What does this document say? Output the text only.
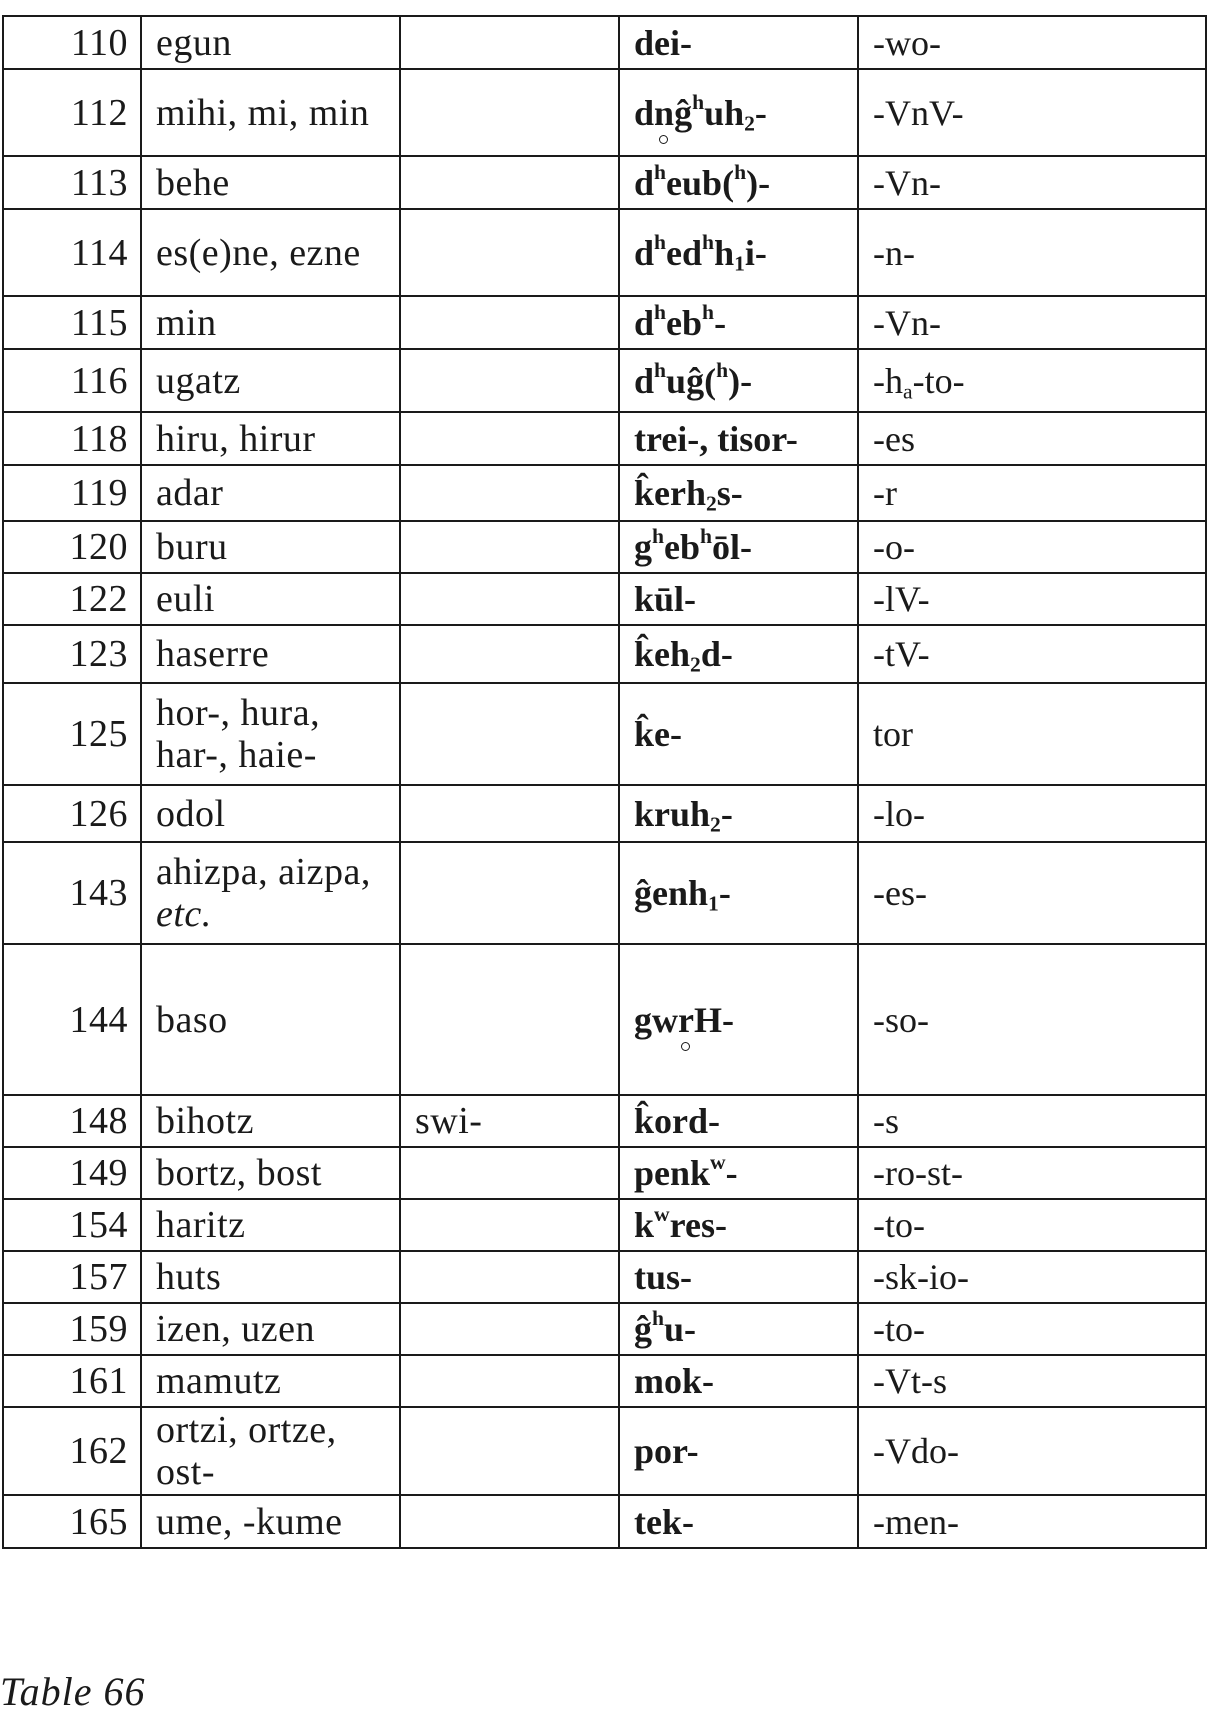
110	egun		dei-	-wo-
112	mihi, mi, min		$dnĝ^huh_2-$	-VnV-
113	behe		$d^heub(^h)-$	-Vn-
114	es(e)ne, ezne		$d^hed^hh_1i-$	-n-
115	min		$d^heb^h-$	-Vn-
116	ugatz		$d^huĝ(^h)-$	$-h_a-to-$
118	hiru, hirur		trei-, tisor-	-es
119	adar		k̂erh$_2$s-	-r
120	buru		$g^heb^hōl-$	-o-
122	euli		kūl-	-lV-
123	haserre		$k̂eh_2d-$	-tV-
125	hor-, hura, har-, haie-		k̂e-	tor
126	odol		kruh$_2$-	-lo-
143	ahizpa, aizpa, etc.		ĝenh$_1$-	-es-
144	baso		gwrH-	-so-
148	bihotz	swi-	k̂ord-	-s
149	bortz, bost		penk$^w$-	-ro-st-
154	haritz		$k^wres-$	-to-
157	huts		tus-	-sk-io-
159	izen, uzen		$ĝ^hu-$	-to-
161	mamutz		mok-	-Vt-s
162	ortzi, ortze, ost-		por-	-Vdo-
165	ume, -kume		tek-	-men-
Table 66
